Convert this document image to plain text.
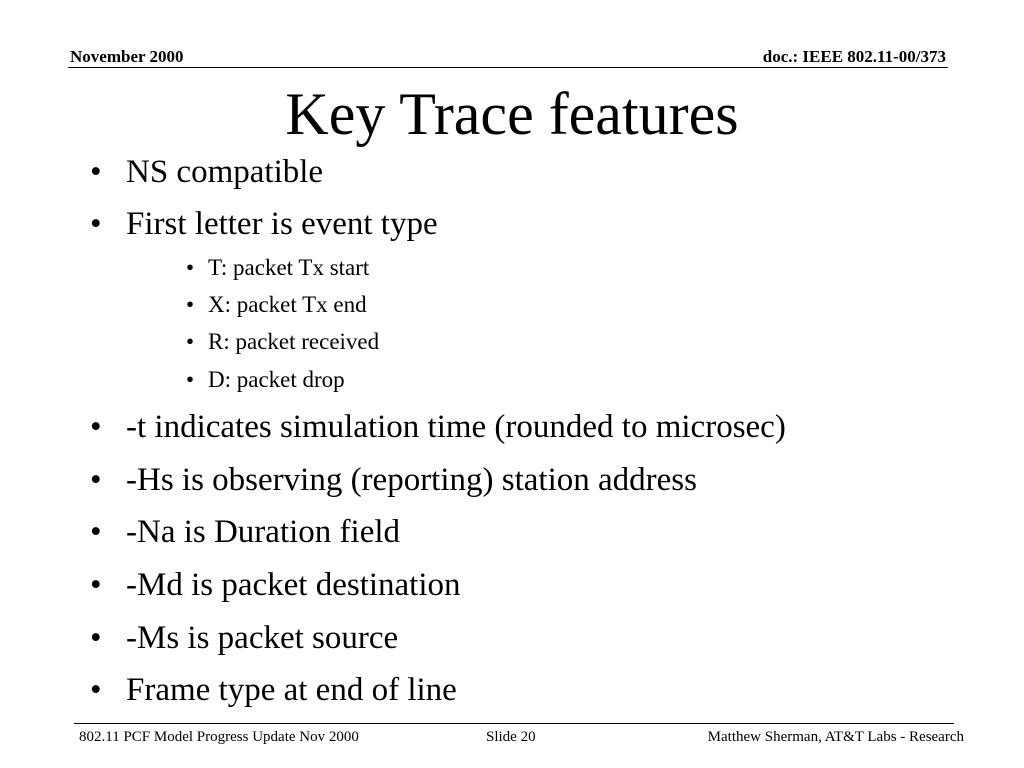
November 2000	doc.: IEEE 802.11-00/373
Key Trace features
• NS compatible
• First letter is event type
• T: packet Tx start
• X: packet Tx end
• R: packet received
• D: packet drop
• -t indicates simulation time (rounded to microsec)
• -Hs is observing (reporting) station address
• -Na is Duration field
• -Md is packet destination
• -Ms is packet source
• Frame type at end of line
802.11 PCF Model Progress Update Nov 2000	Slide 20	Matthew Sherman, AT&T Labs - Research
